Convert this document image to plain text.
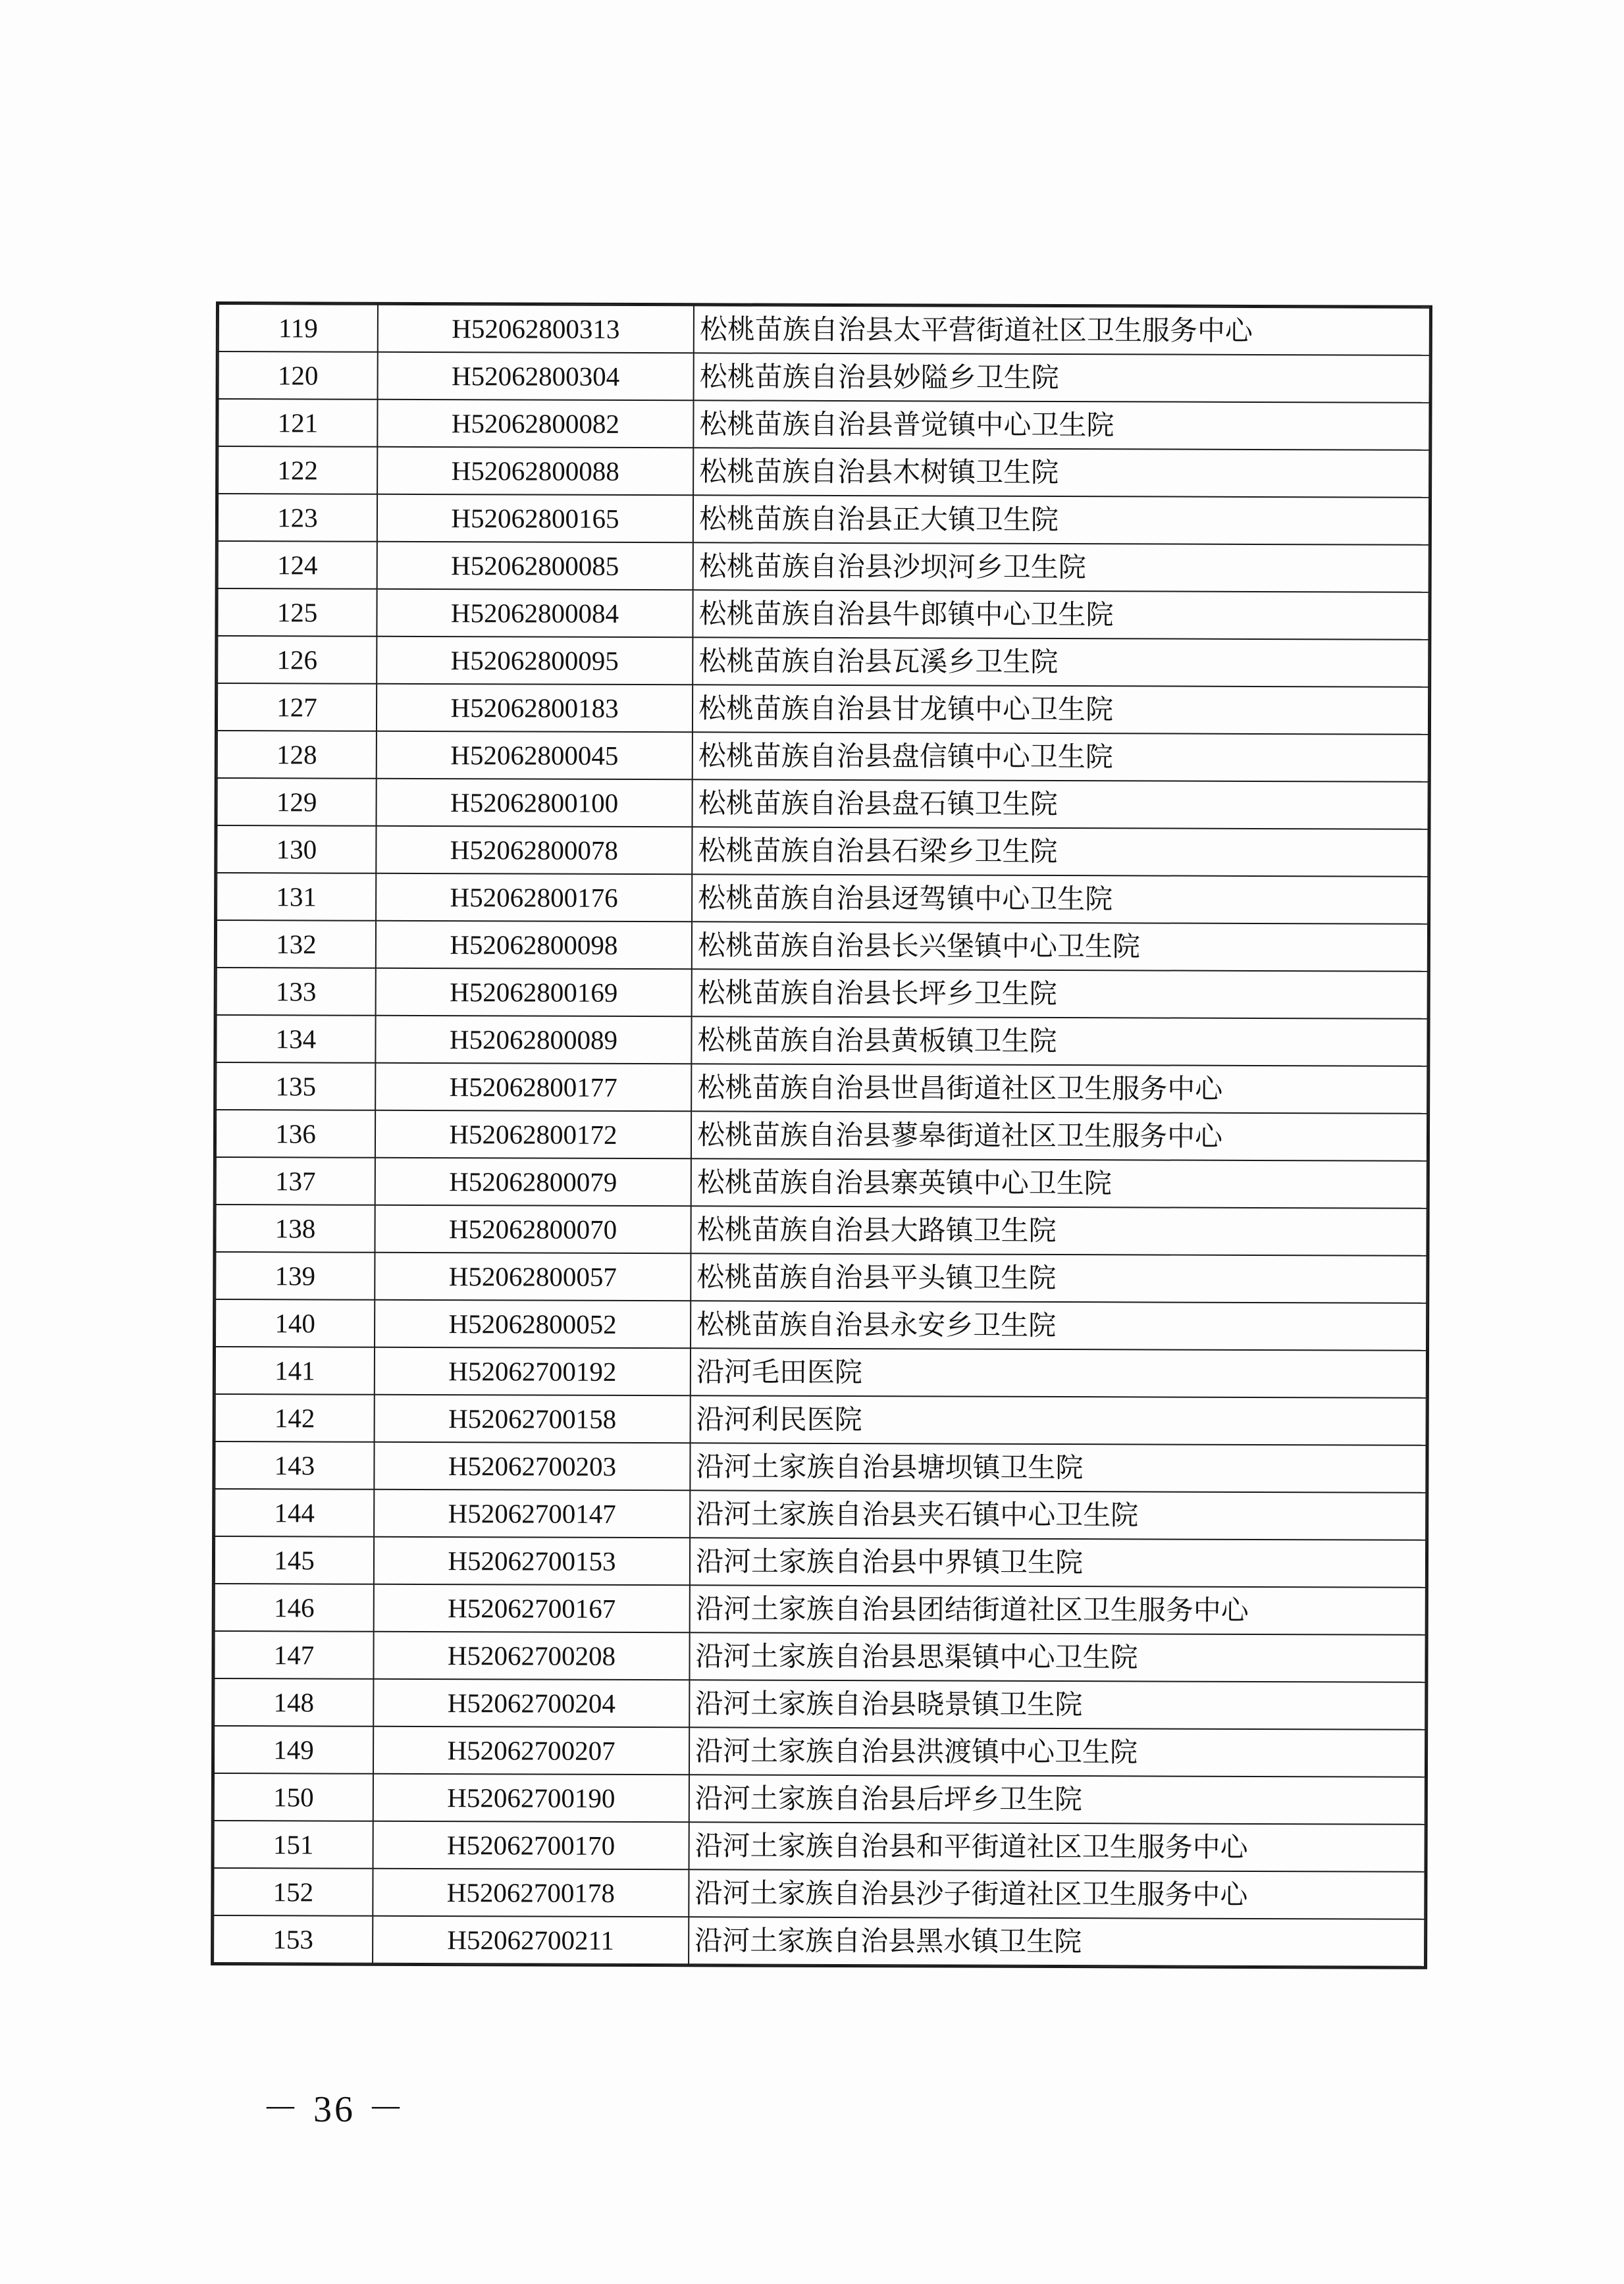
119	H52062800313	松桃苗族自治县太平营街道社区卫生服务中心
120	H52062800304	松桃苗族自治县妙隘乡卫生院
121	H52062800082	松桃苗族自治县普觉镇中心卫生院
122	H52062800088	松桃苗族自治县木树镇卫生院
123	H52062800165	松桃苗族自治县正大镇卫生院
124	H52062800085	松桃苗族自治县沙坝河乡卫生院
125	H52062800084	松桃苗族自治县牛郎镇中心卫生院
126	H52062800095	松桃苗族自治县瓦溪乡卫生院
127	H52062800183	松桃苗族自治县甘龙镇中心卫生院
128	H52062800045	松桃苗族自治县盘信镇中心卫生院
129	H52062800100	松桃苗族自治县盘石镇卫生院
130	H52062800078	松桃苗族自治县石梁乡卫生院
131	H52062800176	松桃苗族自治县迓驾镇中心卫生院
132	H52062800098	松桃苗族自治县长兴堡镇中心卫生院
133	H52062800169	松桃苗族自治县长坪乡卫生院
134	H52062800089	松桃苗族自治县黄板镇卫生院
135	H52062800177	松桃苗族自治县世昌街道社区卫生服务中心
136	H52062800172	松桃苗族自治县蓼皋街道社区卫生服务中心
137	H52062800079	松桃苗族自治县寨英镇中心卫生院
138	H52062800070	松桃苗族自治县大路镇卫生院
139	H52062800057	松桃苗族自治县平头镇卫生院
140	H52062800052	松桃苗族自治县永安乡卫生院
141	H52062700192	沿河毛田医院
142	H52062700158	沿河利民医院
143	H52062700203	沿河土家族自治县塘坝镇卫生院
144	H52062700147	沿河土家族自治县夹石镇中心卫生院
145	H52062700153	沿河土家族自治县中界镇卫生院
146	H52062700167	沿河土家族自治县团结街道社区卫生服务中心
147	H52062700208	沿河土家族自治县思渠镇中心卫生院
148	H52062700204	沿河土家族自治县晓景镇卫生院
149	H52062700207	沿河土家族自治县洪渡镇中心卫生院
150	H52062700190	沿河土家族自治县后坪乡卫生院
151	H52062700170	沿河土家族自治县和平街道社区卫生服务中心
152	H52062700178	沿河土家族自治县沙子街道社区卫生服务中心
153	H52062700211	沿河土家族自治县黑水镇卫生院
－ 36 －
